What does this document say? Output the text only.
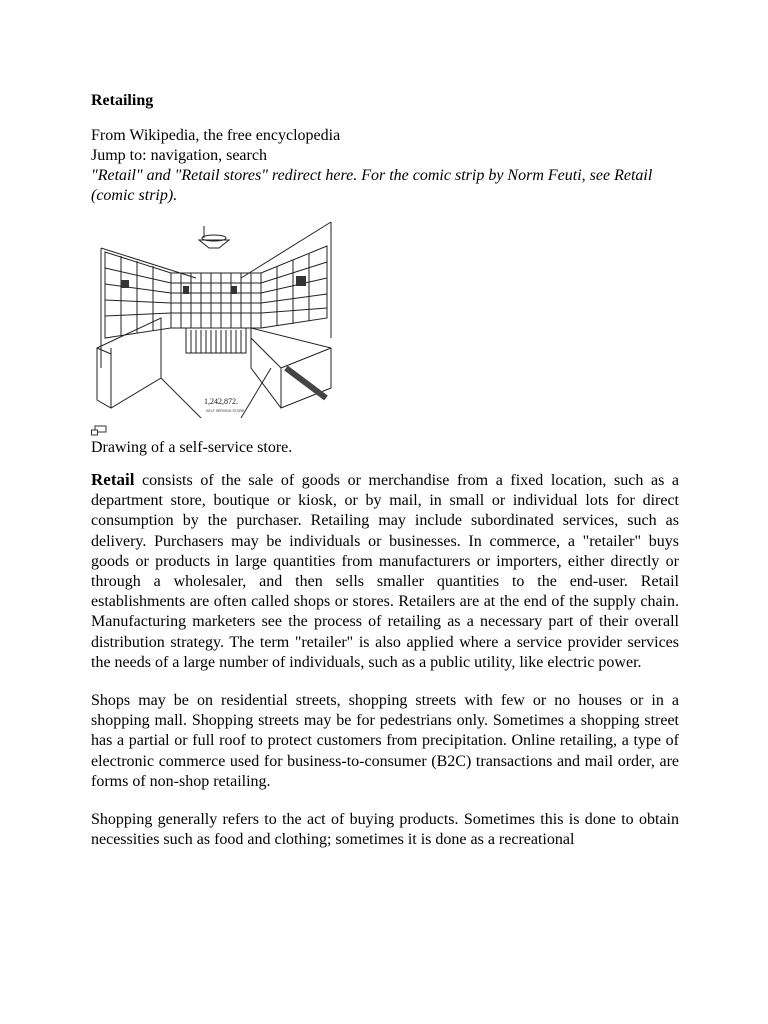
Retailing

From Wikipedia, the free encyclopedia

Jump to: navigation, search

"Retail" and "Retail stores" redirect here. For the comic strip by Norm Feuti, see Retail (comic strip).

1,242,872.
SELF SERVING STORE.

Drawing of a self-service store.

Retail consists of the sale of goods or merchandise from a fixed location, such as a department store, boutique or kiosk, or by mail, in small or individual lots for direct consumption by the purchaser. Retailing may include subordinated services, such as delivery. Purchasers may be individuals or businesses. In commerce, a "retailer" buys goods or products in large quantities from manufacturers or importers, either directly or through a wholesaler, and then sells smaller quantities to the end-user. Retail establishments are often called shops or stores. Retailers are at the end of the supply chain. Manufacturing marketers see the process of retailing as a necessary part of their overall distribution strategy. The term "retailer" is also applied where a service provider services the needs of a large number of individuals, such as a public utility, like electric power.

Shops may be on residential streets, shopping streets with few or no houses or in a shopping mall. Shopping streets may be for pedestrians only. Sometimes a shopping street has a partial or full roof to protect customers from precipitation. Online retailing, a type of electronic commerce used for business-to-consumer (B2C) transactions and mail order, are forms of non-shop retailing.

Shopping generally refers to the act of buying products. Sometimes this is done to obtain necessities such as food and clothing; sometimes it is done as a recreational
